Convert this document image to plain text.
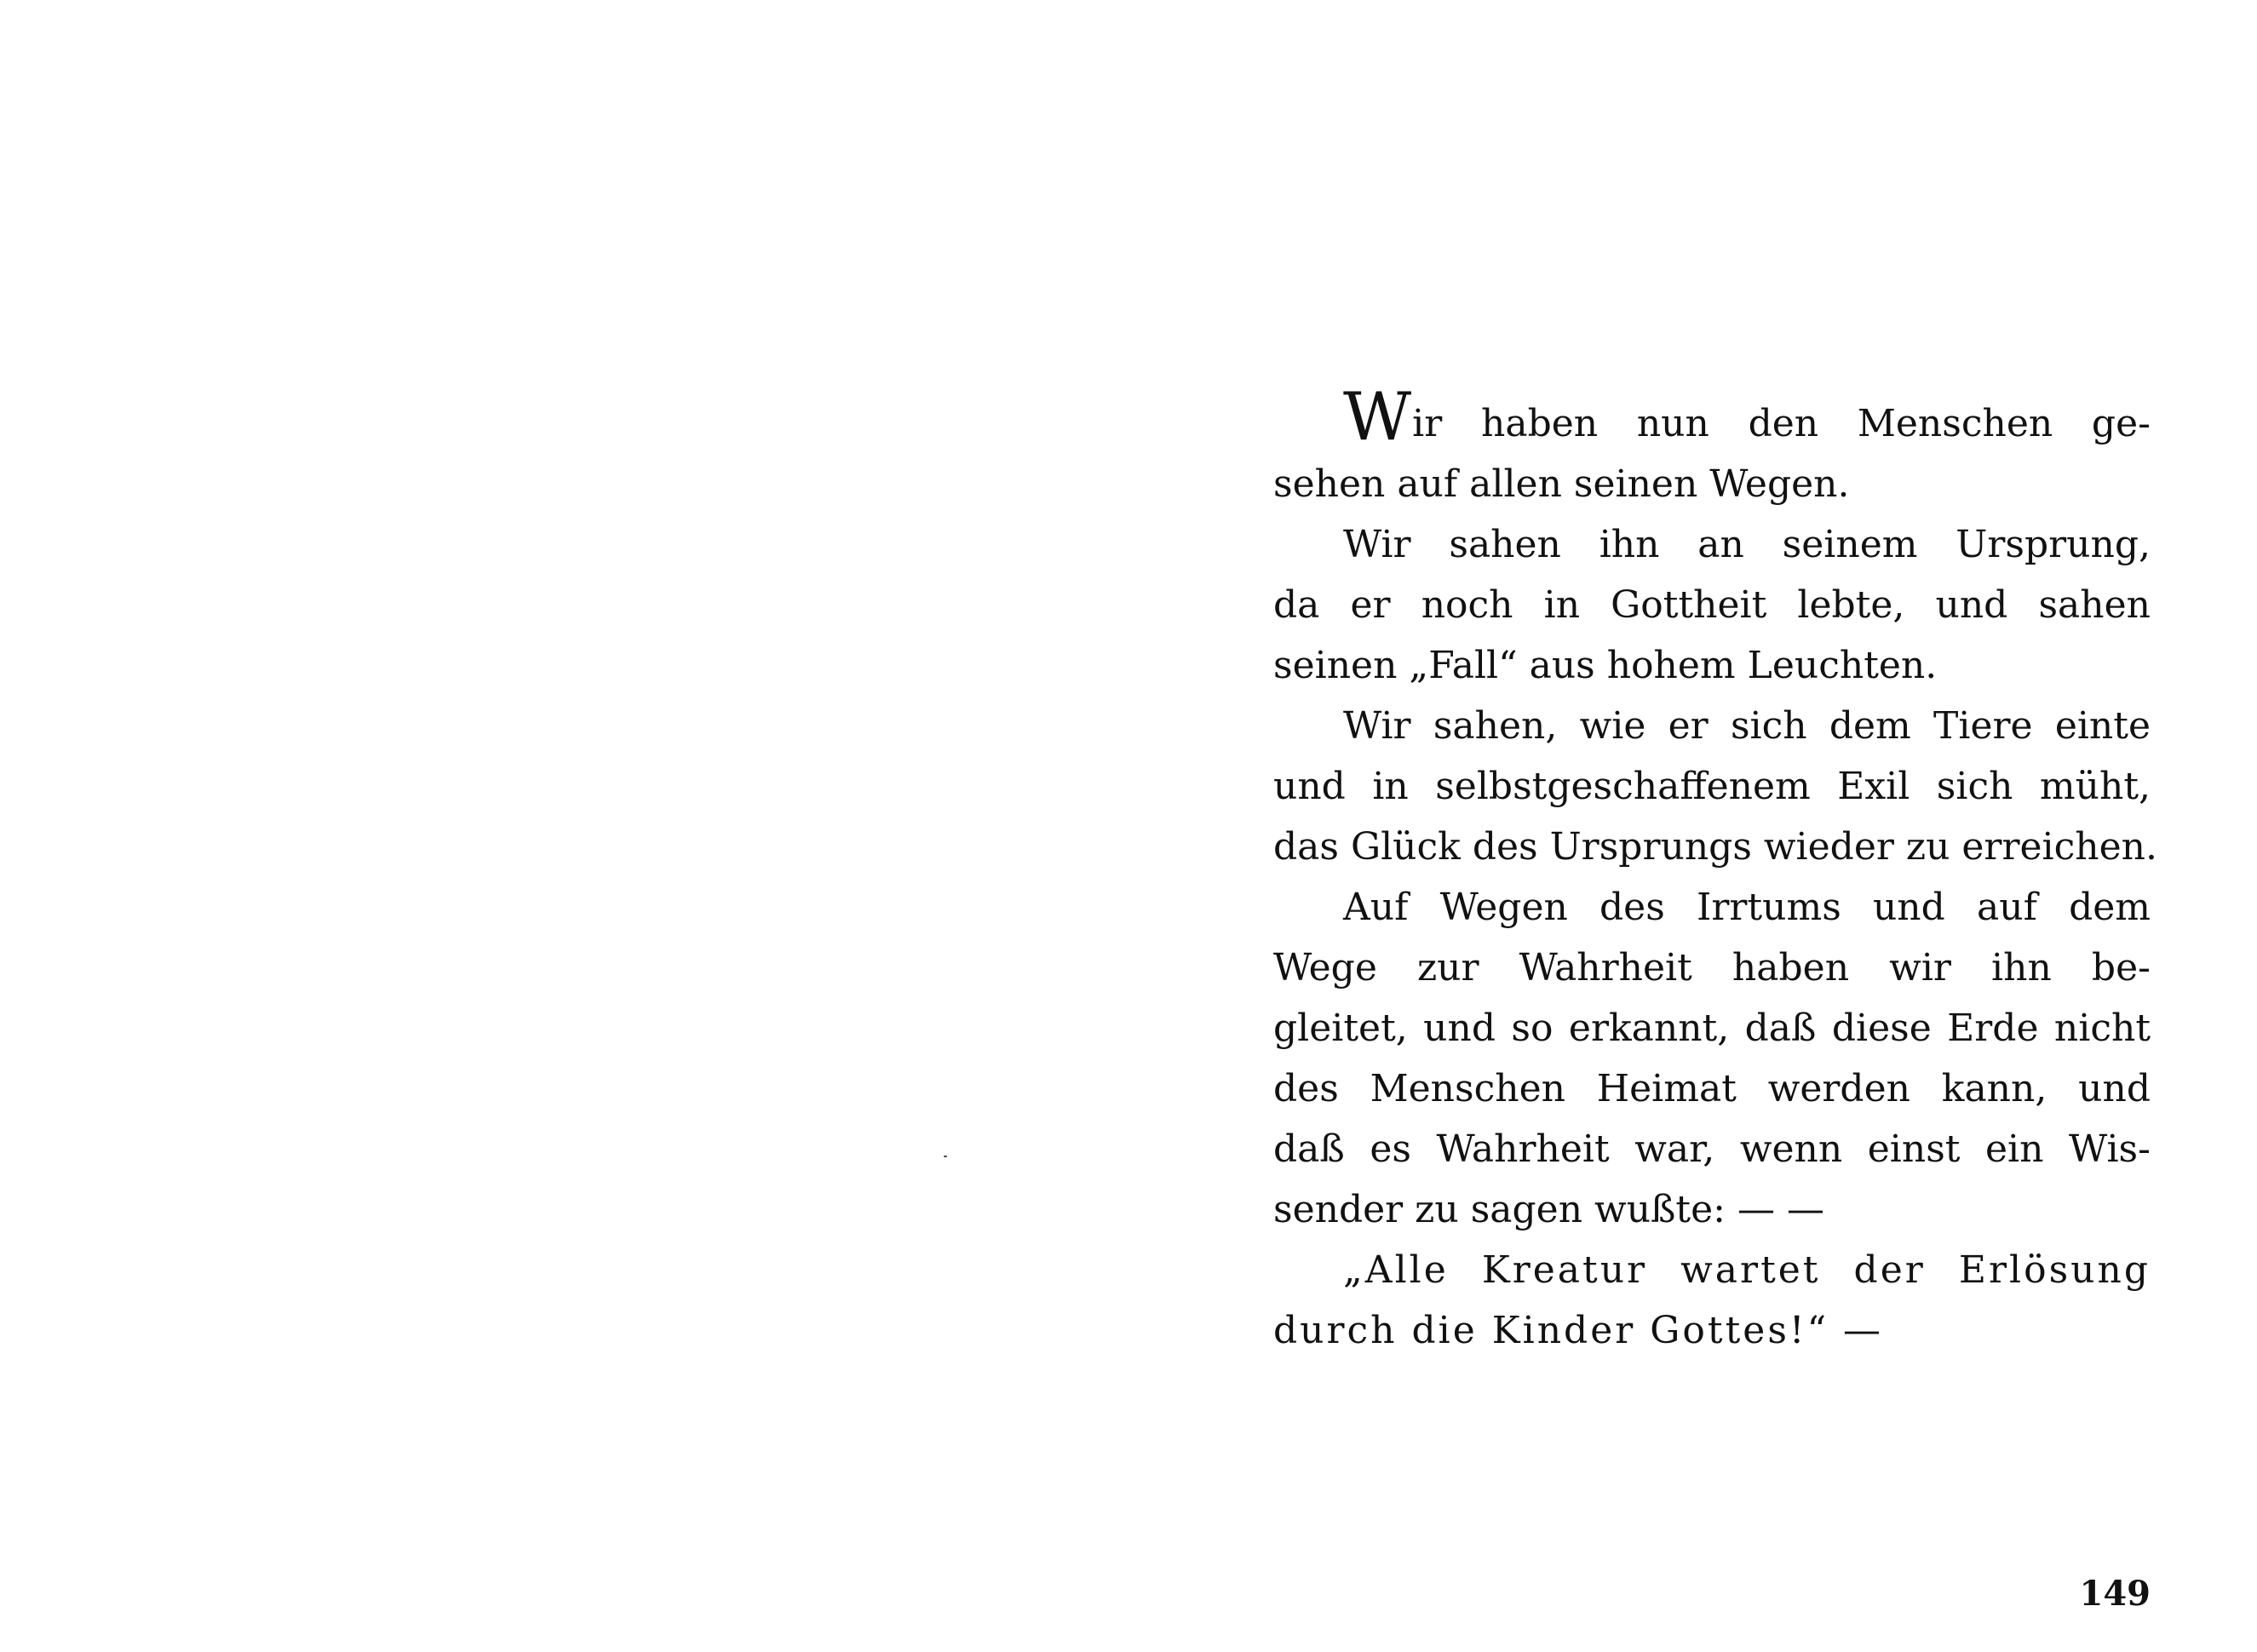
Wir haben nun den Menschen ge-
sehen auf allen seinen Wegen.
Wir sahen ihn an seinem Ursprung,
da er noch in Gottheit lebte, und sahen
seinen „Fall“ aus hohem Leuchten.
Wir sahen, wie er sich dem Tiere einte
und in selbstgeschaffenem Exil sich müht,
das Glück des Ursprungs wieder zu erreichen.
Auf Wegen des Irrtums und auf dem
Wege zur Wahrheit haben wir ihn be-
gleitet, und so erkannt, daß diese Erde nicht
des Menschen Heimat werden kann, und
daß es Wahrheit war, wenn einst ein Wis-
sender zu sagen wußte: — —
„Alle Kreatur wartet der Erlösung
durch die Kinder Gottes!“ —
149
